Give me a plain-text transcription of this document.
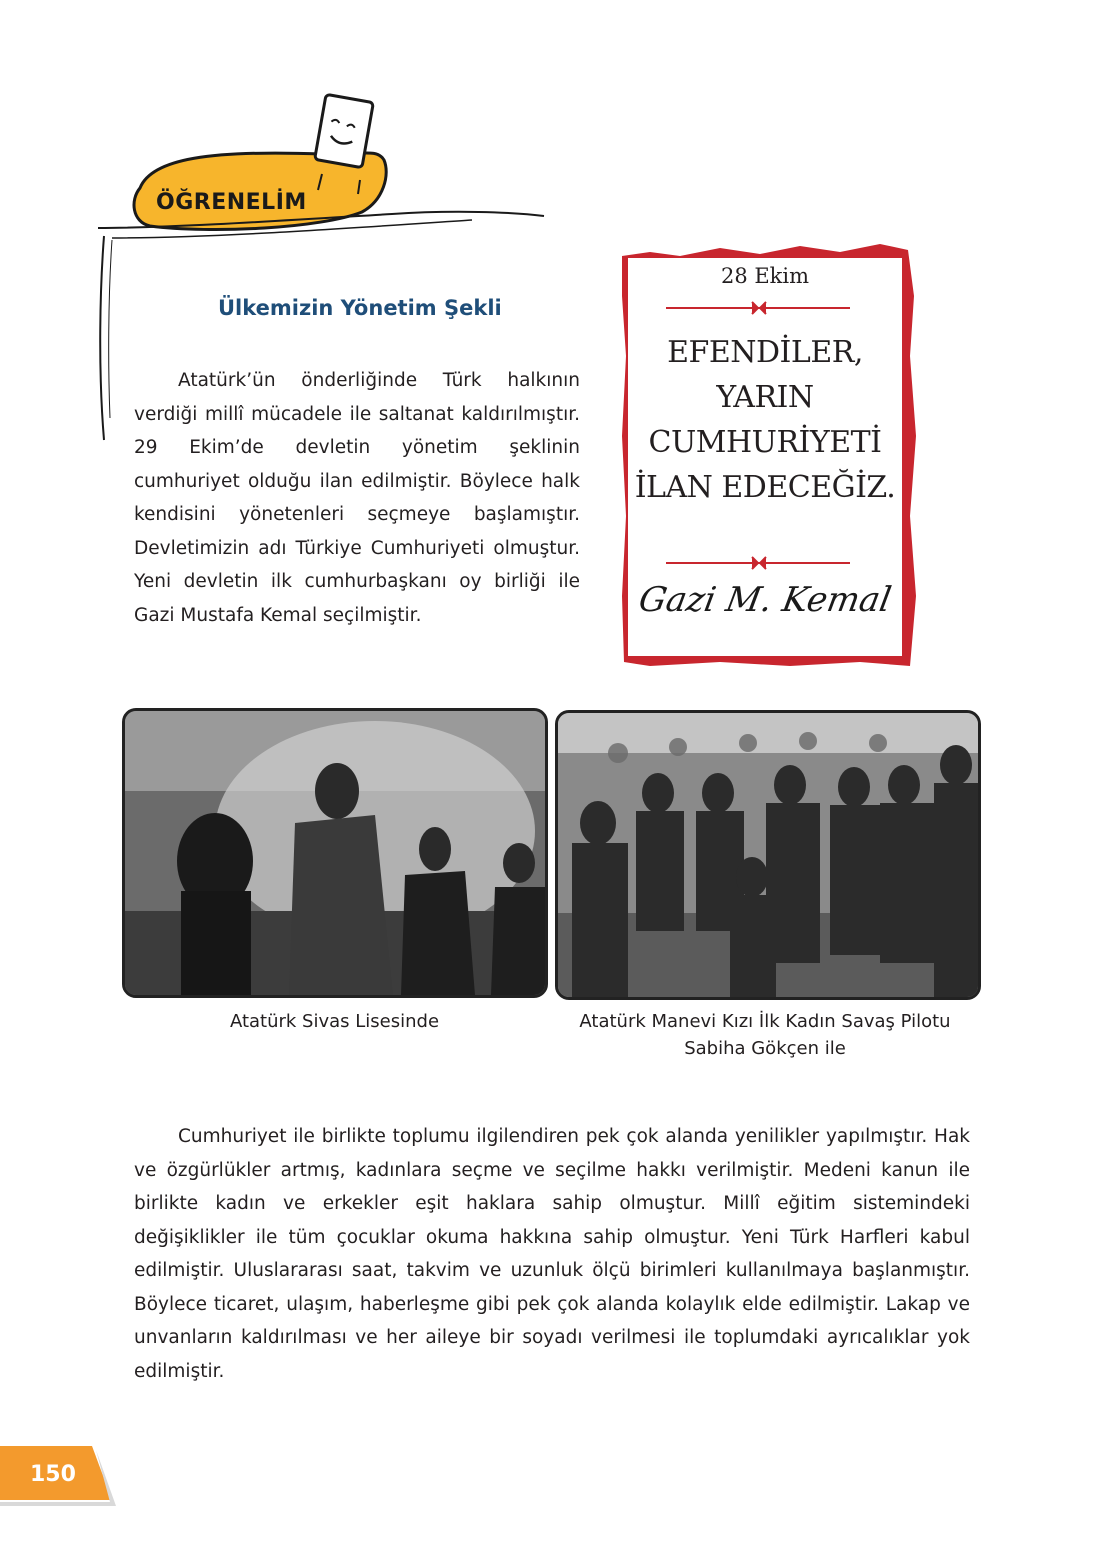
ÖĞRENELİM
Ülkemizin Yönetim Şekli
Atatürk’ün önderliğinde Türk halkının verdiği millî mücadele ile saltanat kaldırılmıştır. 29 Ekim’de devletin yönetim şeklinin cumhuriyet olduğu ilan edilmiştir. Böylece halk kendisini yönetenleri seçmeye başlamıştır. Devletimizin adı Türkiye Cumhuriyeti olmuştur. Yeni devletin ilk cumhurbaşkanı oy birliği ile Gazi Mustafa Kemal seçilmiştir.
28 Ekim
EFENDİLER, YARIN CUMHURİYETİ İLAN EDECEĞİZ.
Gazi M. Kemal
Atatürk Sivas Lisesinde	Atatürk Manevi Kızı İlk Kadın Savaş Pilotu Sabiha Gökçen ile
Cumhuriyet ile birlikte toplumu ilgilendiren pek çok alanda yenilikler yapılmıştır. Hak ve özgürlükler artmış, kadınlara seçme ve seçilme hakkı verilmiştir. Medeni kanun ile birlikte kadın ve erkekler eşit haklara sahip olmuştur. Millî eğitim sistemindeki değişiklikler ile tüm çocuklar okuma hakkına sahip olmuştur. Yeni Türk Harfleri kabul edilmiştir. Uluslararası saat, takvim ve uzunluk ölçü birimleri kullanılmaya başlanmıştır. Böylece ticaret, ulaşım, haberleşme gibi pek çok alanda kolaylık elde edilmiştir. Lakap ve unvanların kaldırılması ve her aileye bir soyadı verilmesi ile toplumdaki ayrıcalıklar yok edilmiştir.
150
